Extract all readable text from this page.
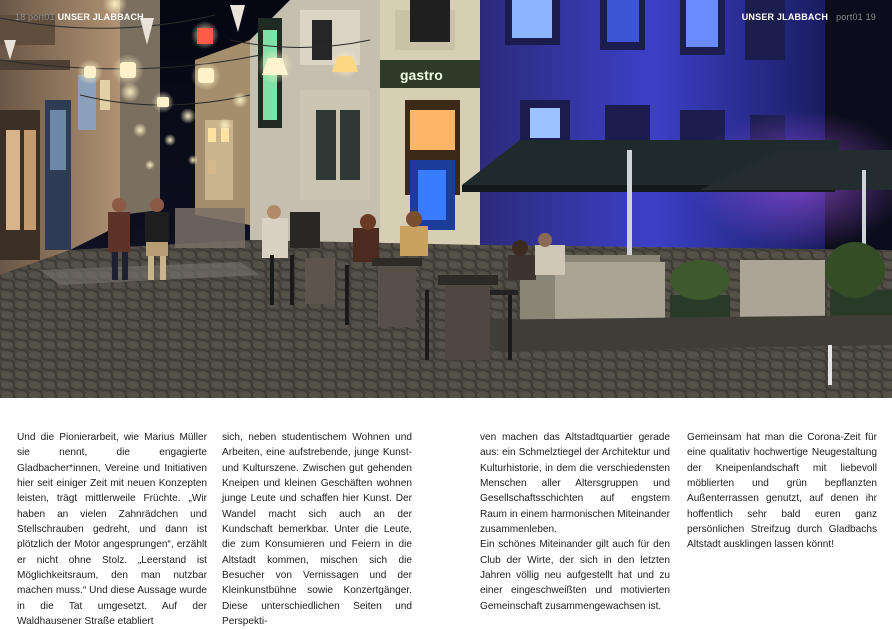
gastro
18 port01 UNSER JLABBACH	UNSER JLABBACH port01 19

Und die Pionierarbeit, wie Marius Müller sie nennt, die engagierte Gladbacher*innen, Vereine und Initiativen hier seit einiger Zeit mit neuen Konzepten leisten, trägt mittlerweile Früchte. „Wir haben an vielen Zahnrädchen und Stellschrauben gedreht, und dann ist plötzlich der Motor angesprungen“, erzählt er nicht ohne Stolz. „Leerstand ist Möglichkeitsraum, den man nutzbar machen muss.“ Und diese Aussage wurde in die Tat umgesetzt. Auf der Waldhausener Straße etabliert

sich, neben studentischem Wohnen und Arbeiten, eine aufstrebende, junge Kunst- und Kulturszene. Zwischen gut gehenden Kneipen und kleinen Geschäften wohnen junge Leute und schaffen hier Kunst. Der Wandel macht sich auch an der Kundschaft bemerkbar. Unter die Leute, die zum Konsumieren und Feiern in die Altstadt kommen, mischen sich die Besucher von Vernissagen und der Kleinkunstbühne sowie Konzertgänger. Diese unterschiedlichen Seiten und Perspekti-

ven machen das Altstadtquartier gerade aus: ein Schmelztiegel der Architektur und Kulturhistorie, in dem die verschiedensten Menschen aller Altersgruppen und Gesellschaftsschichten auf engstem Raum in einem harmonischen Miteinander zusammenleben.

Ein schönes Miteinander gilt auch für den Club der Wirte, der sich in den letzten Jahren völlig neu aufgestellt hat und zu einer eingeschweißten und motivierten Gemeinschaft zusammengewachsen ist.

Gemeinsam hat man die Corona-Zeit für eine qualitativ hochwertige Neugestaltung der Kneipenlandschaft mit liebevoll möblierten und grün bepflanzten Außenterrassen genutzt, auf denen ihr hoffentlich sehr bald euren ganz persönlichen Streifzug durch Gladbachs Altstadt ausklingen lassen könnt!
